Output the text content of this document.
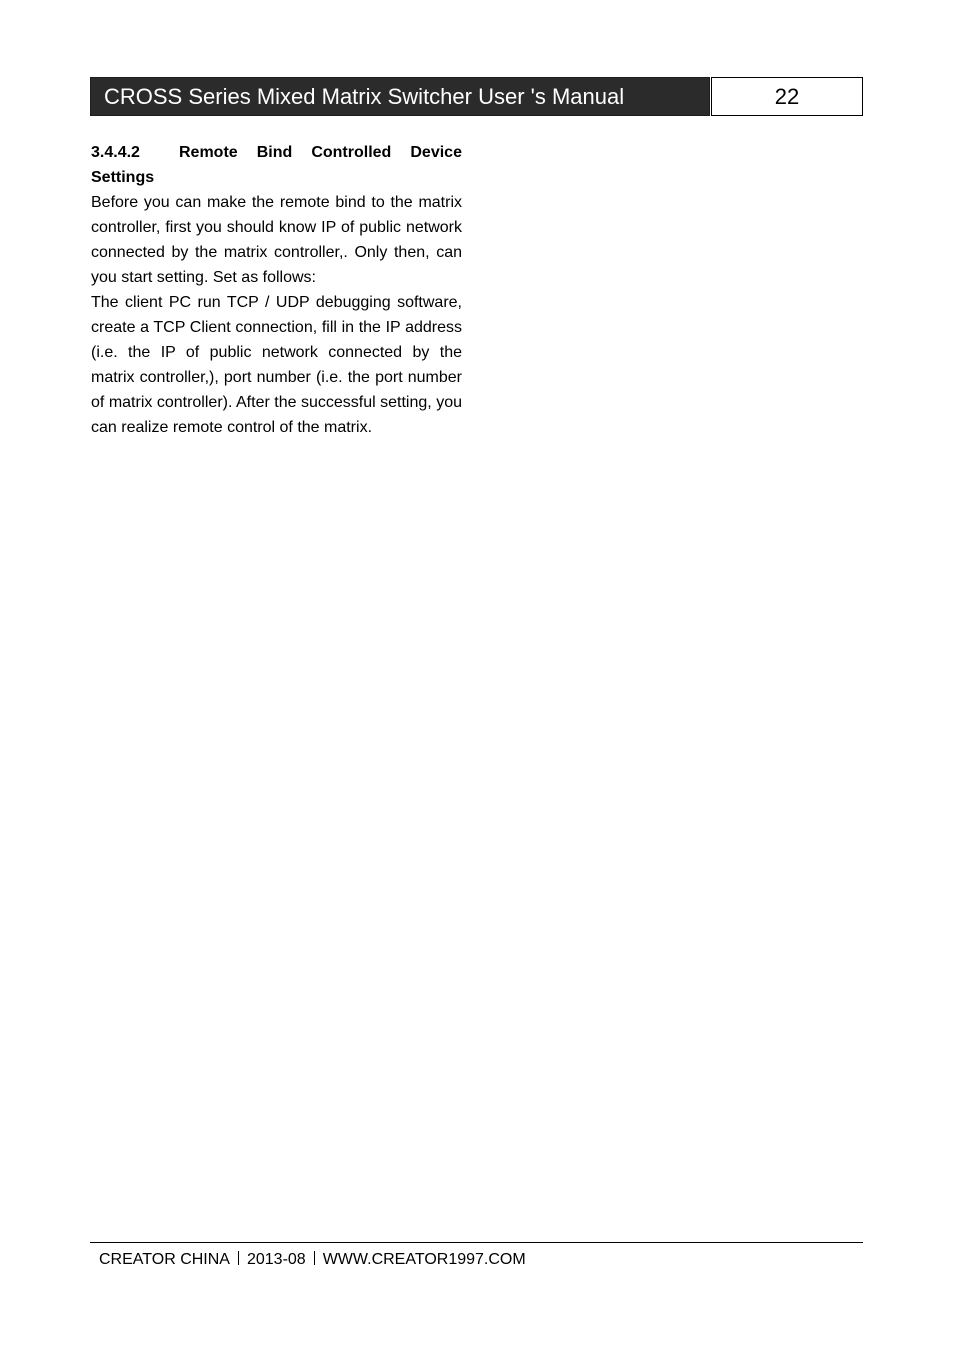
CROSS Series Mixed Matrix Switcher User 's Manual	22
3.4.4.2	Remote Bind Controlled Device
Settings

Before you can make the remote bind to the matrix controller, first you should know IP of public network connected by the matrix controller,. Only then, can you start setting. Set as follows:

The client PC run TCP / UDP debugging software, create a TCP Client connection, fill in the IP address (i.e. the IP of public network connected by the matrix controller,), port number (i.e. the port number of matrix controller). After the successful setting, you can realize remote control of the matrix.

CREATOR CHINA 2013-08 WWW.CREATOR1997.COM
